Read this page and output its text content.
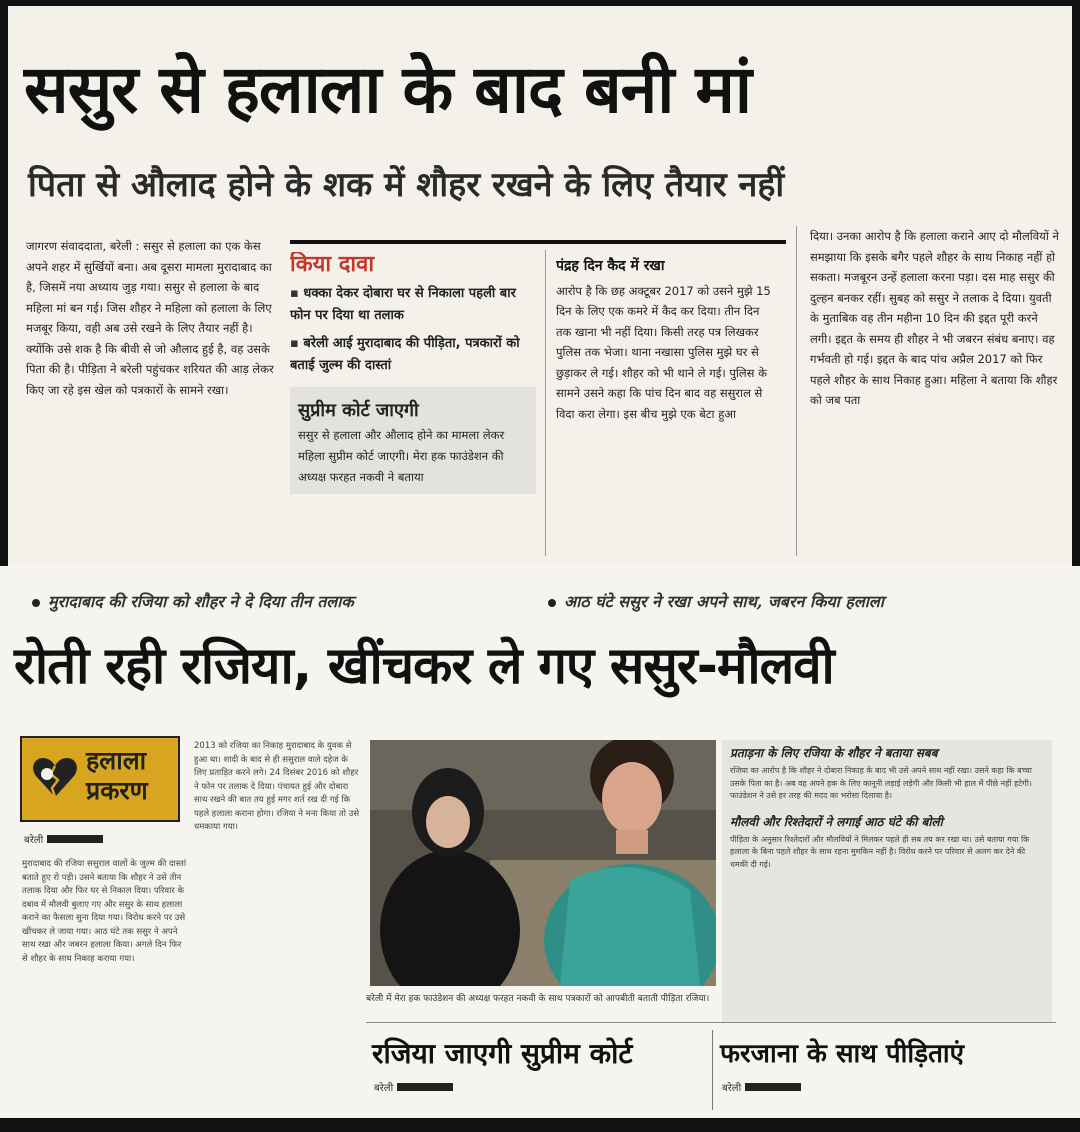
ससुर से हलाला के बाद बनी मां
पिता से औलाद होने के शक में शौहर रखने के लिए तैयार नहीं
जागरण संवाददाता, बरेली : ससुर से हलाला का एक केस अपने शहर में सुर्खियों बना। अब दूसरा मामला मुरादाबाद का है, जिसमें नया अध्याय जुड़ गया। ससुर से हलाला के बाद महिला मां बन गई। जिस शौहर ने महिला को हलाला के लिए मजबूर किया, वही अब उसे रखने के लिए तैयार नहीं है। क्योंकि उसे शक है कि बीवी से जो औलाद हुई है, वह उसके पिता की है। पीड़िता ने बरेली पहुंचकर शरियत की आड़ लेकर किए जा रहे इस खेल को पत्रकारों के सामने रखा।
किया दावा
▪ धक्का देकर दोबारा घर से निकाला पहली बार फोन पर दिया था तलाक
▪ बरेली आई मुरादाबाद की पीड़िता, पत्रकारों को बताई जुल्म की दास्तां
सुप्रीम कोर्ट जाएगी
ससुर से हलाला और औलाद होने का मामला लेकर महिला सुप्रीम कोर्ट जाएगी। मेरा हक फाउंडेशन की अध्यक्ष फरहत नकवी ने बताया
पंद्रह दिन कैद में रखा
आरोप है कि छह अक्टूबर 2017 को उसने मुझे 15 दिन के लिए एक कमरे में कैद कर दिया। तीन दिन तक खाना भी नहीं दिया। किसी तरह पत्र लिखकर पुलिस तक भेजा। थाना नखासा पुलिस मुझे घर से छुड़ाकर ले गई। शौहर को भी थाने ले गई। पुलिस के सामने उसने कहा कि पांच दिन बाद वह ससुराल से विदा करा लेगा। इस बीच मुझे एक बेटा हुआ
दिया। उनका आरोप है कि हलाला कराने आए दो मौलवियों ने समझाया कि इसके बगैर पहले शौहर के साथ निकाह नहीं हो सकता। मजबूरन उन्हें हलाला करना पड़ा। दस माह ससुर की दुल्हन बनकर रहीं। सुबह को ससुर ने तलाक दे दिया। युवती के मुताबिक वह तीन महीना 10 दिन की इद्दत पूरी करने लगी। इद्दत के समय ही शौहर ने भी जबरन संबंध बनाए। वह गर्भवती हो गई। इद्दत के बाद पांच अप्रैल 2017 को फिर पहले शौहर के साथ निकाह हुआ। महिला ने बताया कि शौहर को जब पता
मुरादाबाद की रजिया को शौहर ने दे दिया तीन तलाक	आठ घंटे ससुर ने रखा अपने साथ, जबरन किया हलाला
रोती रही रजिया, खींचकर ले गए ससुर-मौलवी
हलाला
प्रकरण
बरेली
मुरादाबाद की रजिया ससुराल वालों के जुल्म की दास्तां बताते हुए रो पड़ी। उसने बताया कि शौहर ने उसे तीन तलाक दिया और फिर घर से निकाल दिया। परिवार के दबाव में मौलवी बुलाए गए और ससुर के साथ हलाला कराने का फैसला सुना दिया गया। विरोध करने पर उसे खींचकर ले जाया गया। आठ घंटे तक ससुर ने अपने साथ रखा और जबरन हलाला किया। अगले दिन फिर से शौहर के साथ निकाह कराया गया।
2013 को रजिया का निकाह मुरादाबाद के युवक से हुआ था। शादी के बाद से ही ससुराल वाले दहेज के लिए प्रताड़ित करने लगे। 24 दिसंबर 2016 को शौहर ने फोन पर तलाक दे दिया। पंचायत हुई और दोबारा साथ रखने की बात तय हुई मगर शर्त रख दी गई कि पहले हलाला कराना होगा। रजिया ने मना किया तो उसे धमकाया गया।
बरेली में मेरा हक फाउंडेशन की अध्यक्ष फरहत नकवी के साथ पत्रकारों को आपबीती बताती पीड़िता रजिया।
रजिया जाएगी सुप्रीम कोर्ट	फरजाना के साथ पीड़िताएं
बरेली	बरेली
प्रताड़ना के लिए रजिया के शौहर ने बताया सबब
रजिया का आरोप है कि शौहर ने दोबारा निकाह के बाद भी उसे अपने साथ नहीं रखा। उसने कहा कि बच्चा उसके पिता का है। अब वह अपने हक के लिए कानूनी लड़ाई लड़ेगी और किसी भी हाल में पीछे नहीं हटेगी। फाउंडेशन ने उसे हर तरह की मदद का भरोसा दिलाया है।
मौलवी और रिश्तेदारों ने लगाई आठ घंटे की बोली
पीड़िता के अनुसार रिश्तेदारों और मौलवियों ने मिलकर पहले ही सब तय कर रखा था। उसे बताया गया कि हलाला के बिना पहले शौहर के साथ रहना मुमकिन नहीं है। विरोध करने पर परिवार से अलग कर देने की धमकी दी गई।
